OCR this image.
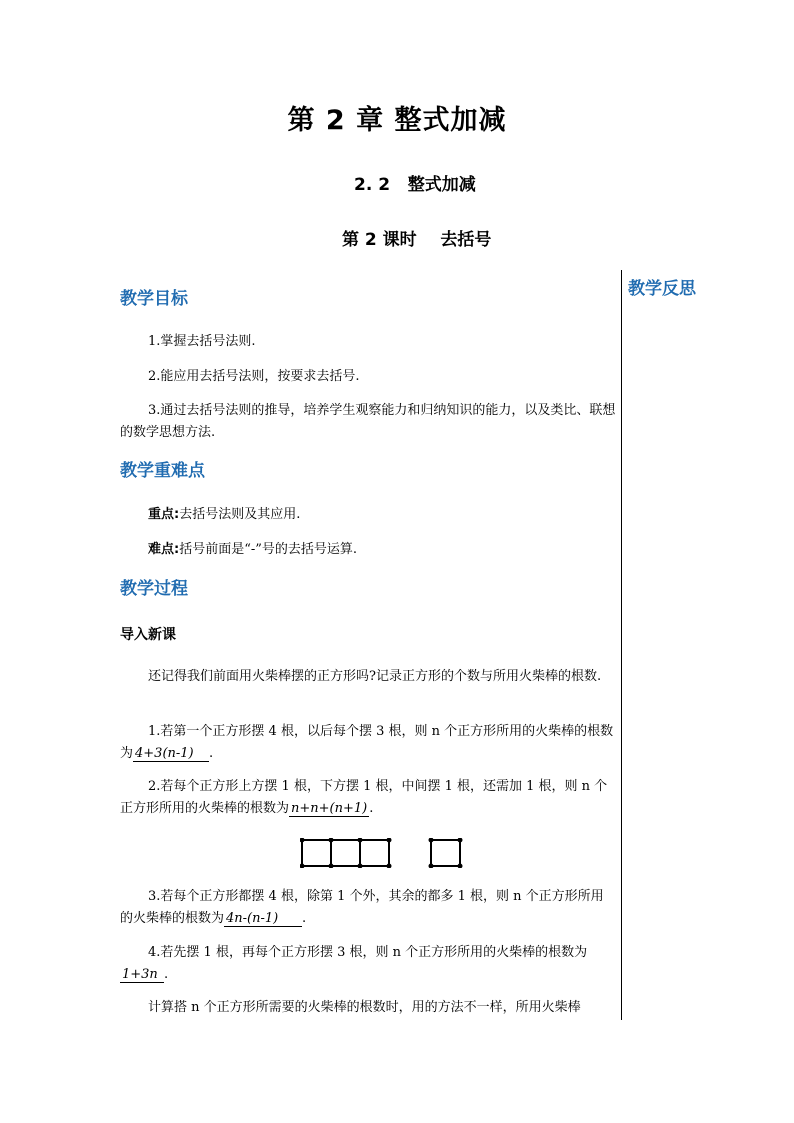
第 2 章 整式加减
2. 2   整式加减
第 2 课时    去括号
教学反思
教学目标
1.掌握去括号法则.
2.能应用去括号法则，按要求去括号.
3.通过去括号法则的推导，培养学生观察能力和归纳知识的能力，以及类比、联想的数学思想方法.
教学重难点
重点:去括号法则及其应用.
难点:括号前面是“-”号的去括号运算.
教学过程
导入新课
还记得我们前面用火柴棒摆的正方形吗?记录正方形的个数与所用火柴棒的根数.
1.若第一个正方形摆 4 根，以后每个摆 3 根，则 n 个正方形所用的火柴棒的根数为 4+3(n-1) .
2.若每个正方形上方摆 1 根，下方摆 1 根，中间摆 1 根，还需加 1 根，则 n 个正方形所用的火柴棒的根数为 n+n+(n+1) .
3.若每个正方形都摆 4 根，除第 1 个外，其余的都多 1 根，则 n 个正方形所用的火柴棒的根数为 4n-(n-1) .
4.若先摆 1 根，再每个正方形摆 3 根，则 n 个正方形所用的火柴棒的根数为1+3n .
计算搭 n 个正方形所需要的火柴棒的根数时，用的方法不一样，所用火柴棒
